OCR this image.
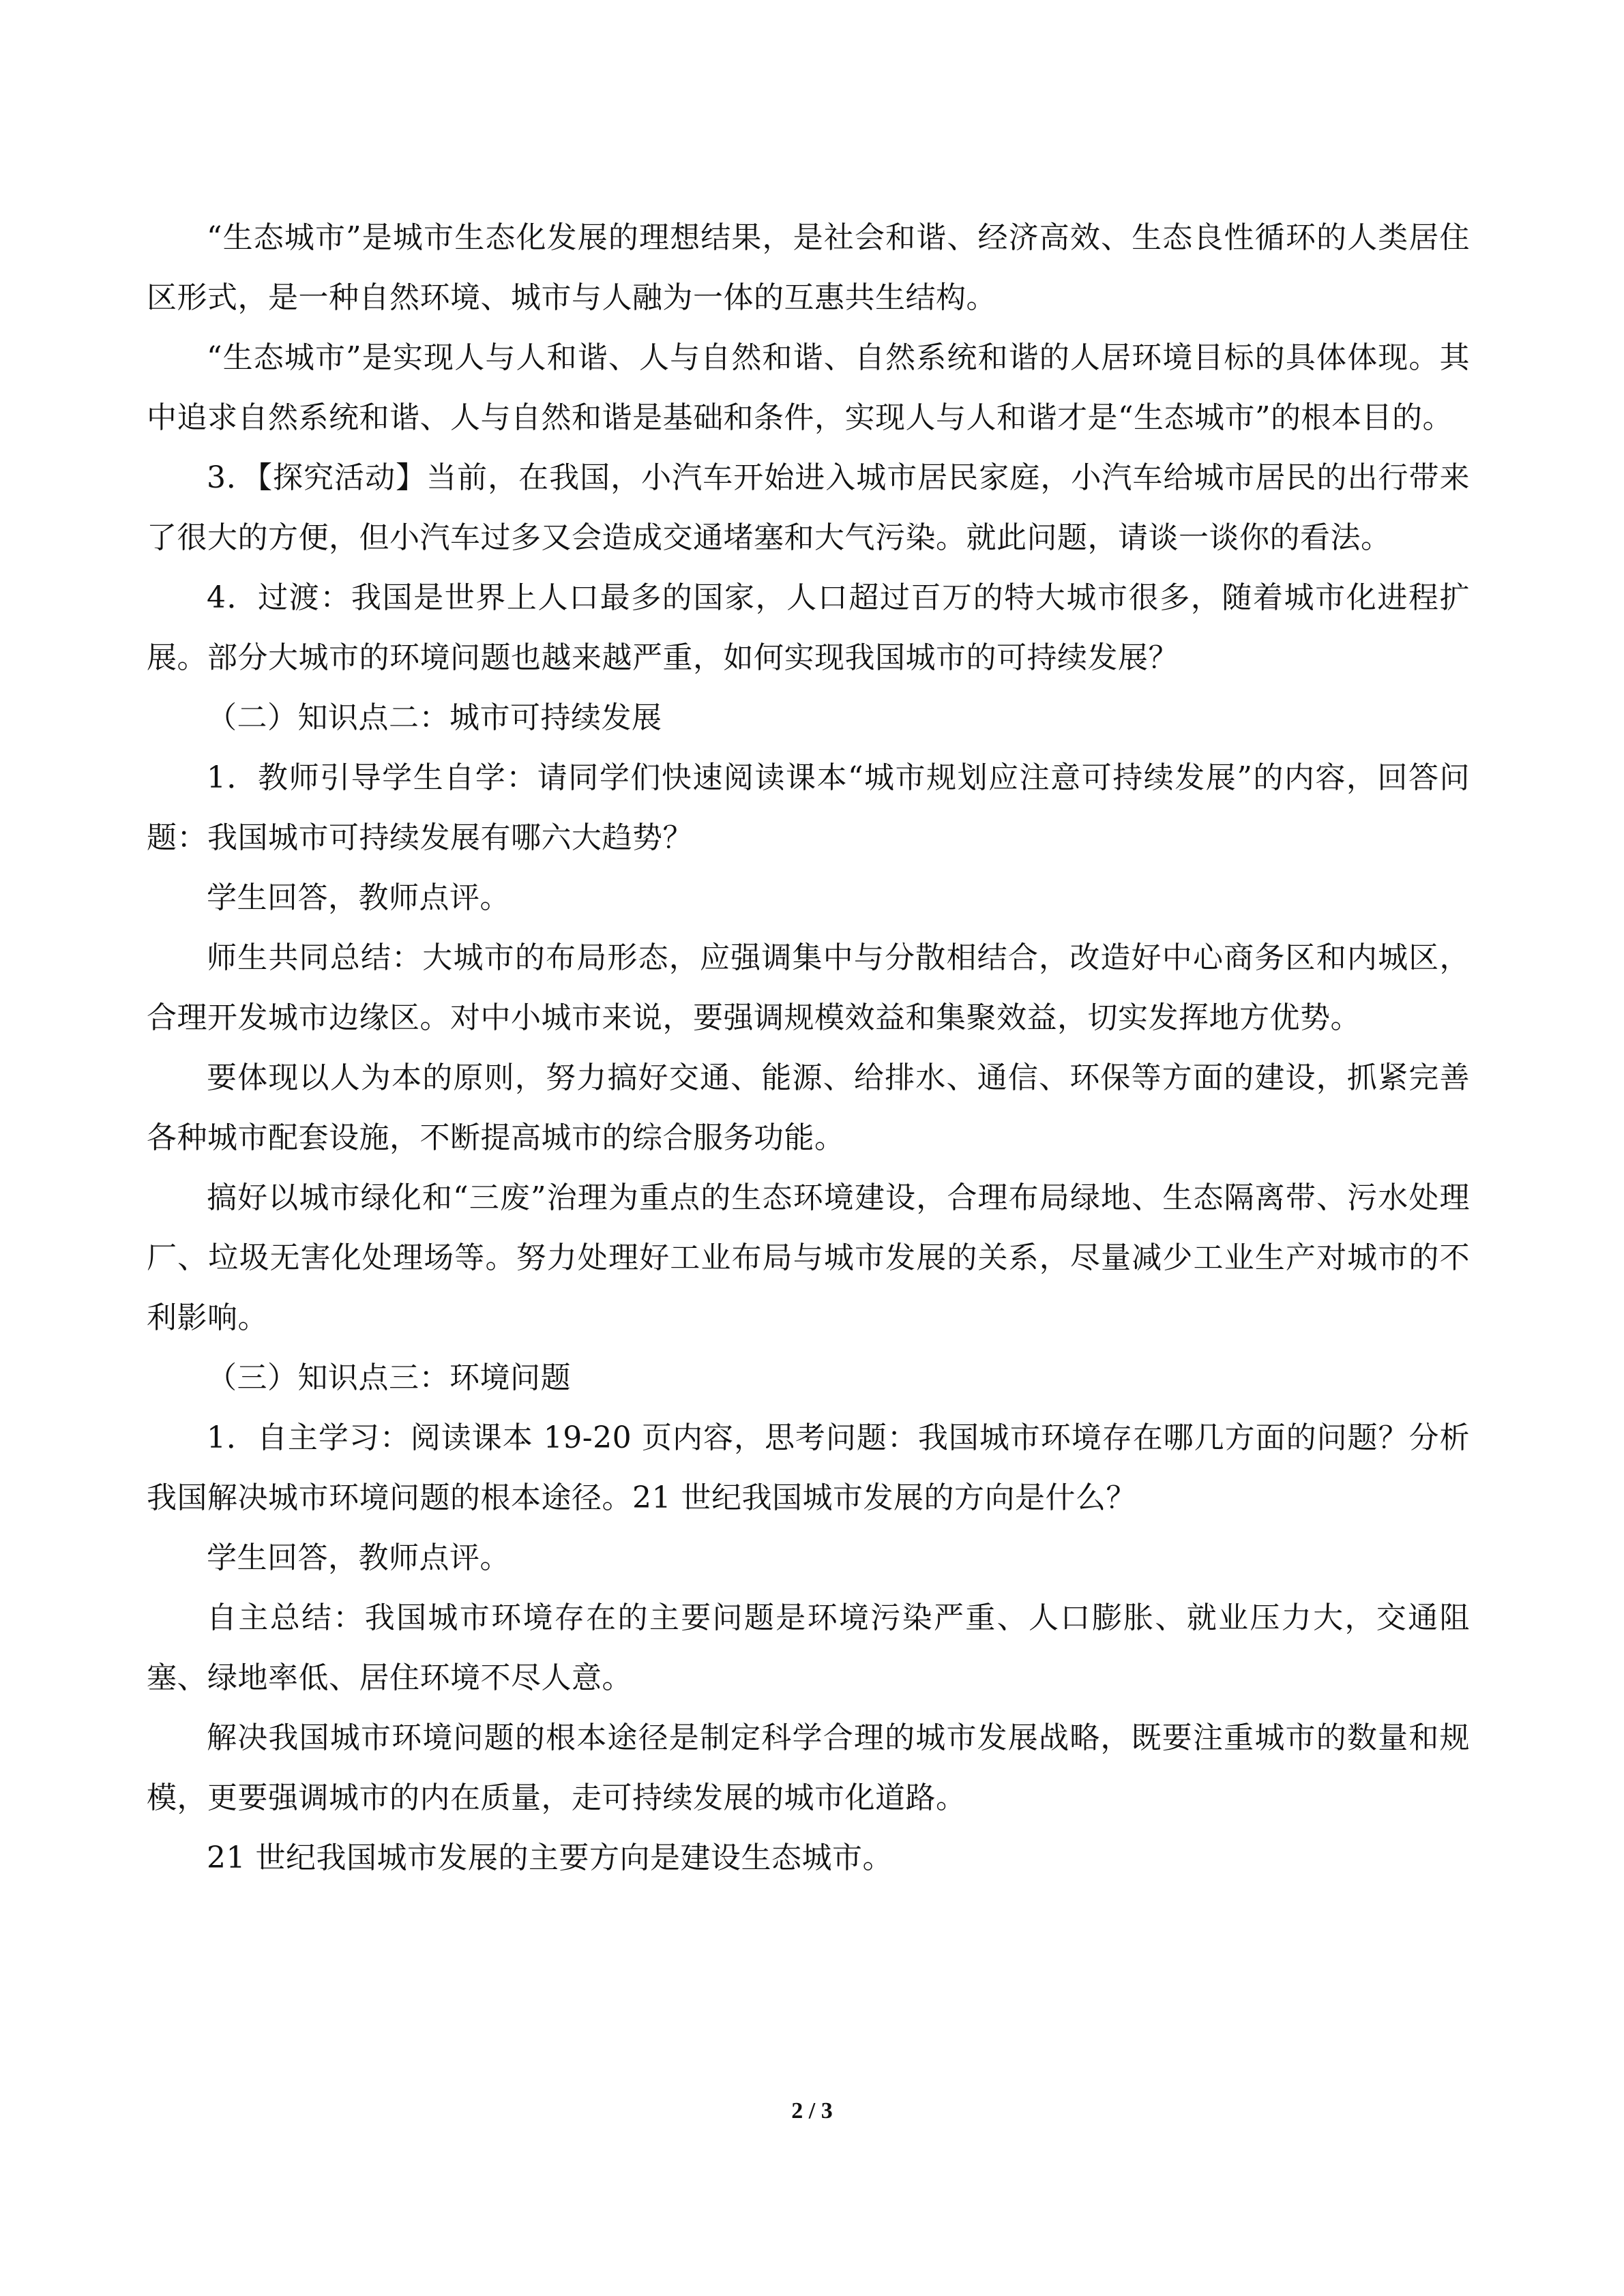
“生态城市”是城市生态化发展的理想结果，是社会和谐、经济高效、生态良性循环的人类居住区形式，是一种自然环境、城市与人融为一体的互惠共生结构。

“生态城市”是实现人与人和谐、人与自然和谐、自然系统和谐的人居环境目标的具体体现。其中追求自然系统和谐、人与自然和谐是基础和条件，实现人与人和谐才是“生态城市”的根本目的。

3．【探究活动】当前，在我国，小汽车开始进入城市居民家庭，小汽车给城市居民的出行带来了很大的方便，但小汽车过多又会造成交通堵塞和大气污染。就此问题，请谈一谈你的看法。

4．过渡：我国是世界上人口最多的国家，人口超过百万的特大城市很多，随着城市化进程扩展。部分大城市的环境问题也越来越严重，如何实现我国城市的可持续发展？

（二）知识点二：城市可持续发展

1．教师引导学生自学：请同学们快速阅读课本“城市规划应注意可持续发展”的内容，回答问题：我国城市可持续发展有哪六大趋势？

学生回答，教师点评。

师生共同总结：大城市的布局形态，应强调集中与分散相结合，改造好中心商务区和内城区，合理开发城市边缘区。对中小城市来说，要强调规模效益和集聚效益，切实发挥地方优势。

要体现以人为本的原则，努力搞好交通、能源、给排水、通信、环保等方面的建设，抓紧完善各种城市配套设施，不断提高城市的综合服务功能。

搞好以城市绿化和“三废”治理为重点的生态环境建设，合理布局绿地、生态隔离带、污水处理厂、垃圾无害化处理场等。努力处理好工业布局与城市发展的关系，尽量减少工业生产对城市的不利影响。

（三）知识点三：环境问题

1．自主学习：阅读课本 19-20 页内容，思考问题：我国城市环境存在哪几方面的问题？分析我国解决城市环境问题的根本途径。21 世纪我国城市发展的方向是什么？

学生回答，教师点评。

自主总结：我国城市环境存在的主要问题是环境污染严重、人口膨胀、就业压力大，交通阻塞、绿地率低、居住环境不尽人意。

解决我国城市环境问题的根本途径是制定科学合理的城市发展战略，既要注重城市的数量和规模，更要强调城市的内在质量，走可持续发展的城市化道路。

21 世纪我国城市发展的主要方向是建设生态城市。

2 / 3
